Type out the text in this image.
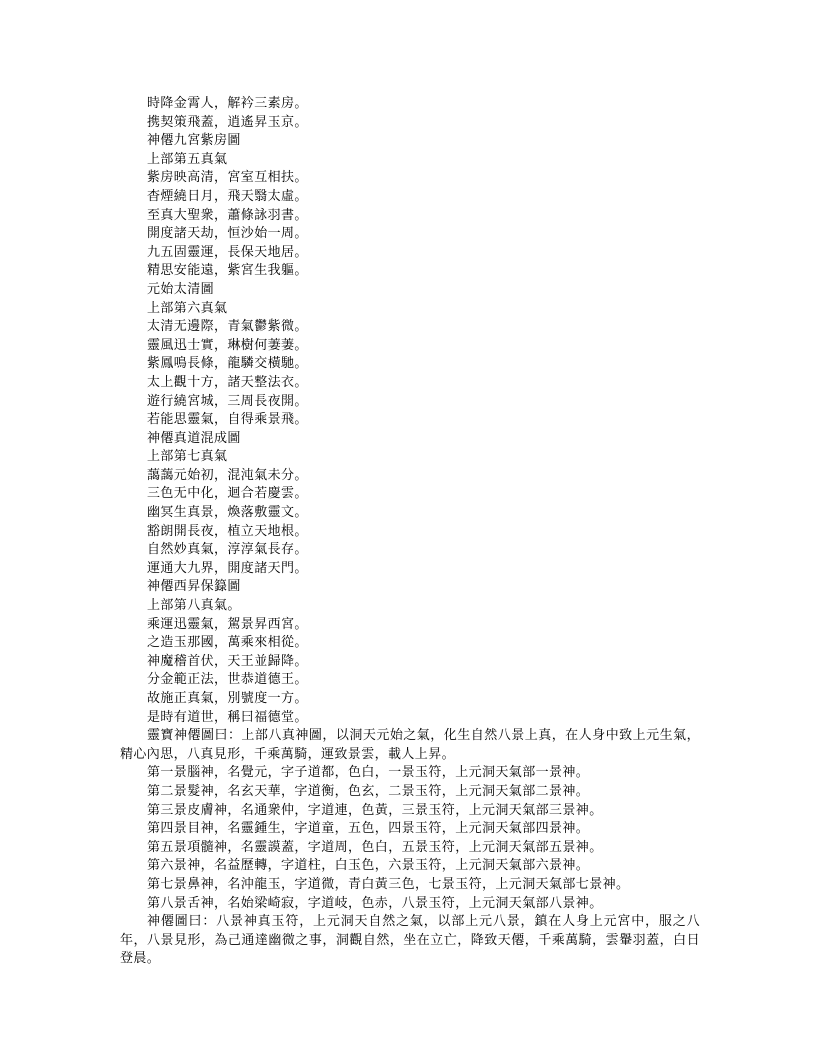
時降金霄人，解衿三素房。
携契策飛蓋，逍遙昇玉京。
神僊九宮紫房圖
上部第五真氣
紫房映高清，宮室互相扶。
杳煙繞日月，飛天翳太虛。
至真大聖衆，蕭條詠羽書。
開度諸天劫，恒沙始一周。
九五固靈運，長保天地居。
精思安能遠，紫宮生我軀。
元始太清圖
上部第六真氣
太清无邊際，青氣鬱紫微。
靈風迅士實，琳樹何萋萋。
紫鳳鳴長條，龍驎交橫馳。
太上觀十方，諸天整法衣。
遊行繞宮城，三周長夜開。
若能思靈氣，自得乘景飛。
神僊真道混成圖
上部第七真氣
藹藹元始初，混沌氣未分。
三色无中化，迴合若慶雲。
幽冥生真景，煥落敷靈文。
豁朗開長夜，植立天地根。
自然妙真氣，淳淳氣長存。
運通大九界，開度諸天門。
神僊西昇保籙圖
上部第八真氣。
乘運迅靈氣，駕景昇西宮。
之造玉那國，萬乘來相從。
神魔稽首伏，天王並歸降。
分金範正法，世恭道德王。
故施正真氣，別號度一方。
是時有道世，稱曰福德堂。
靈寶神僊圖曰：上部八真神圖，以洞天元始之氣，化生自然八景上真，在人身中致上元生氣，精心內思，八真見形，千乘萬騎，運致景雲，載人上昇。
第一景腦神，名覺元，字子道都，色白，一景玉符，上元洞天氣部一景神。
第二景髮神，名玄天華，字道衡，色玄，二景玉符，上元洞天氣部二景神。
第三景皮膚神，名通衆仲，字道連，色黃，三景玉符，上元洞天氣部三景神。
第四景目神，名靈鍾生，字道童，五色，四景玉符，上元洞天氣部四景神。
第五景項髓神，名靈謨蓋，字道周，色白，五景玉符，上元洞天氣部五景神。
第六景神，名益歷轉，字道柱，白玉色，六景玉符，上元洞天氣部六景神。
第七景鼻神，名沖龍玉，字道微，青白黃三色，七景玉符，上元洞天氣部七景神。
第八景舌神，名始梁崎寂，字道岐，色赤，八景玉符，上元洞天氣部八景神。
神僊圖曰：八景神真玉符，上元洞天自然之氣，以部上元八景，鎮在人身上元宮中，服之八年，八景見形，為己通達幽微之事，洞觀自然，坐在立亡，降致天僊，千乘萬騎，雲轝羽蓋，白日登晨。
